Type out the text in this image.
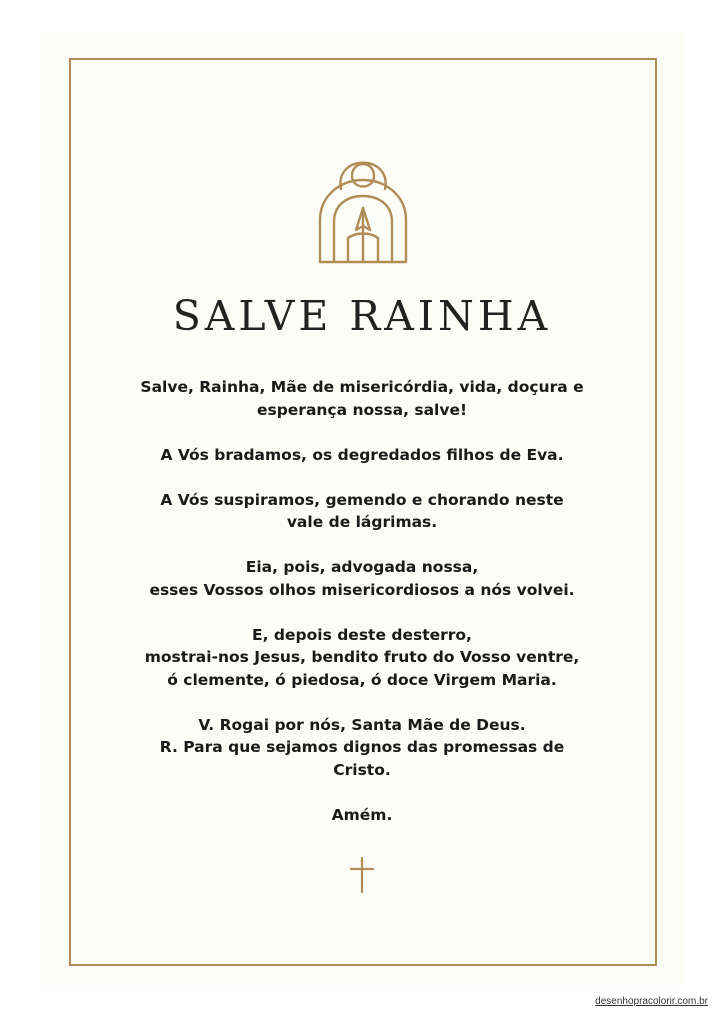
SALVE RAINHA

Salve, Rainha, Mãe de misericórdia, vida, doçura e esperança nossa, salve!

A Vós bradamos, os degredados filhos de Eva.

A Vós suspiramos, gemendo e chorando neste vale de lágrimas.

Eia, pois, advogada nossa,
esses Vossos olhos misericordiosos a nós volvei.

E, depois deste desterro,
mostrai-nos Jesus, bendito fruto do Vosso ventre, ó clemente, ó piedosa, ó doce Virgem Maria.

V. Rogai por nós, Santa Mãe de Deus.
R. Para que sejamos dignos das promessas de Cristo.

Amém.

desenhopracolorir.com.br
